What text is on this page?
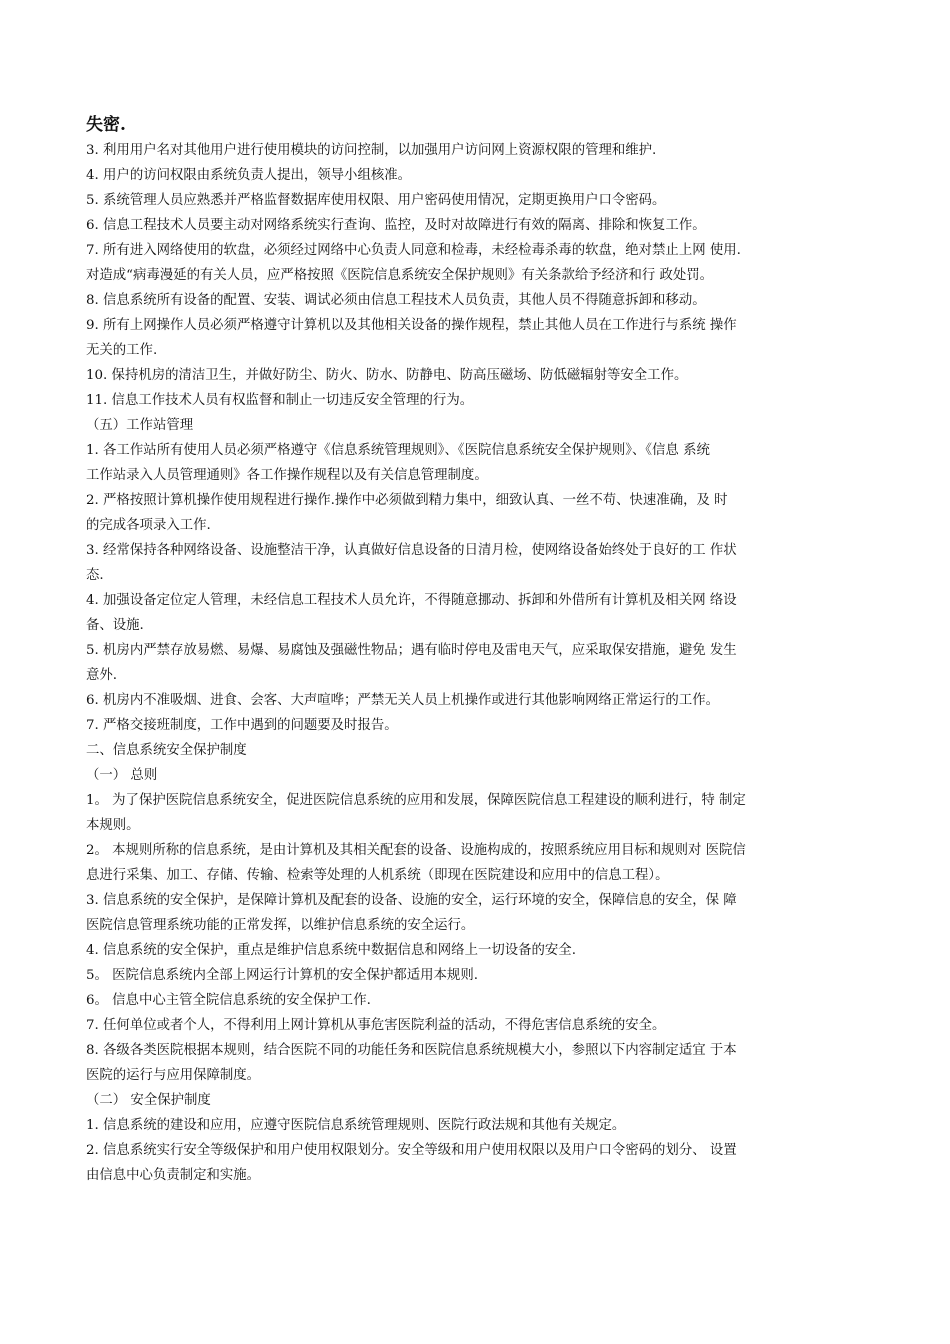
失密.
3. 利用用户名对其他用户进行使用模块的访问控制，以加强用户访问网上资源权限的管理和维护.
4. 用户的访问权限由系统负责人提出，领导小组核准。
5. 系统管理人员应熟悉并严格监督数据库使用权限、用户密码使用情况，定期更换用户口令密码。
6. 信息工程技术人员要主动对网络系统实行查询、监控，及时对故障进行有效的隔离、排除和恢复工作。
7. 所有进入网络使用的软盘，必须经过网络中心负责人同意和检毒，未经检毒杀毒的软盘，绝对禁止上网 使用.
对造成“病毒漫延的有关人员，应严格按照《医院信息系统安全保护规则》有关条款给予经济和行 政处罚。
8. 信息系统所有设备的配置、安装、调试必须由信息工程技术人员负责，其他人员不得随意拆卸和移动。
9. 所有上网操作人员必须严格遵守计算机以及其他相关设备的操作规程，禁止其他人员在工作进行与系统 操作
无关的工作.
10. 保持机房的清洁卫生，并做好防尘、防火、防水、防静电、防高压磁场、防低磁辐射等安全工作。
11. 信息工作技术人员有权监督和制止一切违反安全管理的行为。
（五）工作站管理
1. 各工作站所有使用人员必须严格遵守《信息系统管理规则》、《医院信息系统安全保护规则》、《信息 系统
工作站录入人员管理通则》各工作操作规程以及有关信息管理制度。
2. 严格按照计算机操作使用规程进行操作.操作中必须做到精力集中，细致认真、一丝不苟、快速准确，及 时
的完成各项录入工作.
3. 经常保持各种网络设备、设施整洁干净，认真做好信息设备的日清月检，使网络设备始终处于良好的工 作状
态.
4. 加强设备定位定人管理，未经信息工程技术人员允许，不得随意挪动、拆卸和外借所有计算机及相关网 络设
备、设施.
5. 机房内严禁存放易燃、易爆、易腐蚀及强磁性物品；遇有临时停电及雷电天气，应采取保安措施，避免 发生
意外.
6. 机房内不准吸烟、进食、会客、大声喧哗；严禁无关人员上机操作或进行其他影响网络正常运行的工作。
7. 严格交接班制度，工作中遇到的问题要及时报告。
二、信息系统安全保护制度
（一） 总则
1。 为了保护医院信息系统安全，促进医院信息系统的应用和发展，保障医院信息工程建设的顺利进行，特 制定
本规则。
2。 本规则所称的信息系统，是由计算机及其相关配套的设备、设施构成的，按照系统应用目标和规则对 医院信
息进行采集、加工、存储、传输、检索等处理的人机系统（即现在医院建设和应用中的信息工程）。
3. 信息系统的安全保护，是保障计算机及配套的设备、设施的安全，运行环境的安全，保障信息的安全，保 障
医院信息管理系统功能的正常发挥，以维护信息系统的安全运行。
4. 信息系统的安全保护，重点是维护信息系统中数据信息和网络上一切设备的安全.
5。 医院信息系统内全部上网运行计算机的安全保护都适用本规则.
6。 信息中心主管全院信息系统的安全保护工作.
7. 任何单位或者个人，不得利用上网计算机从事危害医院利益的活动，不得危害信息系统的安全。
8. 各级各类医院根据本规则，结合医院不同的功能任务和医院信息系统规模大小，参照以下内容制定适宜 于本
医院的运行与应用保障制度。
（二） 安全保护制度
1. 信息系统的建设和应用，应遵守医院信息系统管理规则、医院行政法规和其他有关规定。
2. 信息系统实行安全等级保护和用户使用权限划分。安全等级和用户使用权限以及用户口令密码的划分、 设置
由信息中心负责制定和实施。
